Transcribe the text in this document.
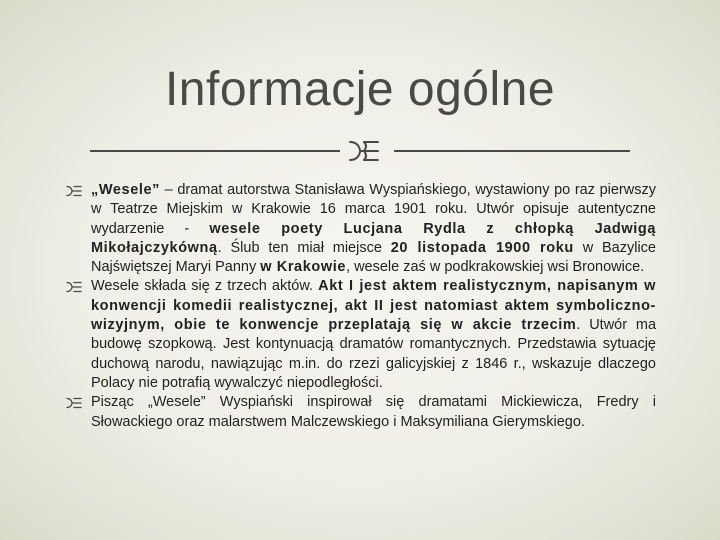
Informacje ogólne

„Wesele” – dramat autorstwa Stanisława Wyspiańskiego, wystawiony po raz pierwszy w Teatrze Miejskim w Krakowie 16 marca 1901 roku. Utwór opisuje autentyczne wydarzenie - wesele poety Lucjana Rydla z chłopką Jadwigą Mikołajczykówną. Ślub ten miał miejsce 20 listopada 1900 roku w Bazylice Najświętszej Maryi Panny w Krakowie, wesele zaś w podkrakowskiej wsi Bronowice.

Wesele składa się z trzech aktów. Akt I jest aktem realistycznym, napisanym w konwencji komedii realistycznej, akt II jest natomiast aktem symboliczno-wizyjnym, obie te konwencje przeplatają się w akcie trzecim. Utwór ma budowę szopkową. Jest kontynuacją dramatów romantycznych. Przedstawia sytuację duchową narodu, nawiązując m.in. do rzezi galicyjskiej z 1846 r., wskazuje dlaczego Polacy nie potrafią wywalczyć niepodległości.

Pisząc „Wesele” Wyspiański inspirował się dramatami Mickiewicza, Fredry i Słowackiego oraz malarstwem Malczewskiego i Maksymiliana Gierymskiego.
